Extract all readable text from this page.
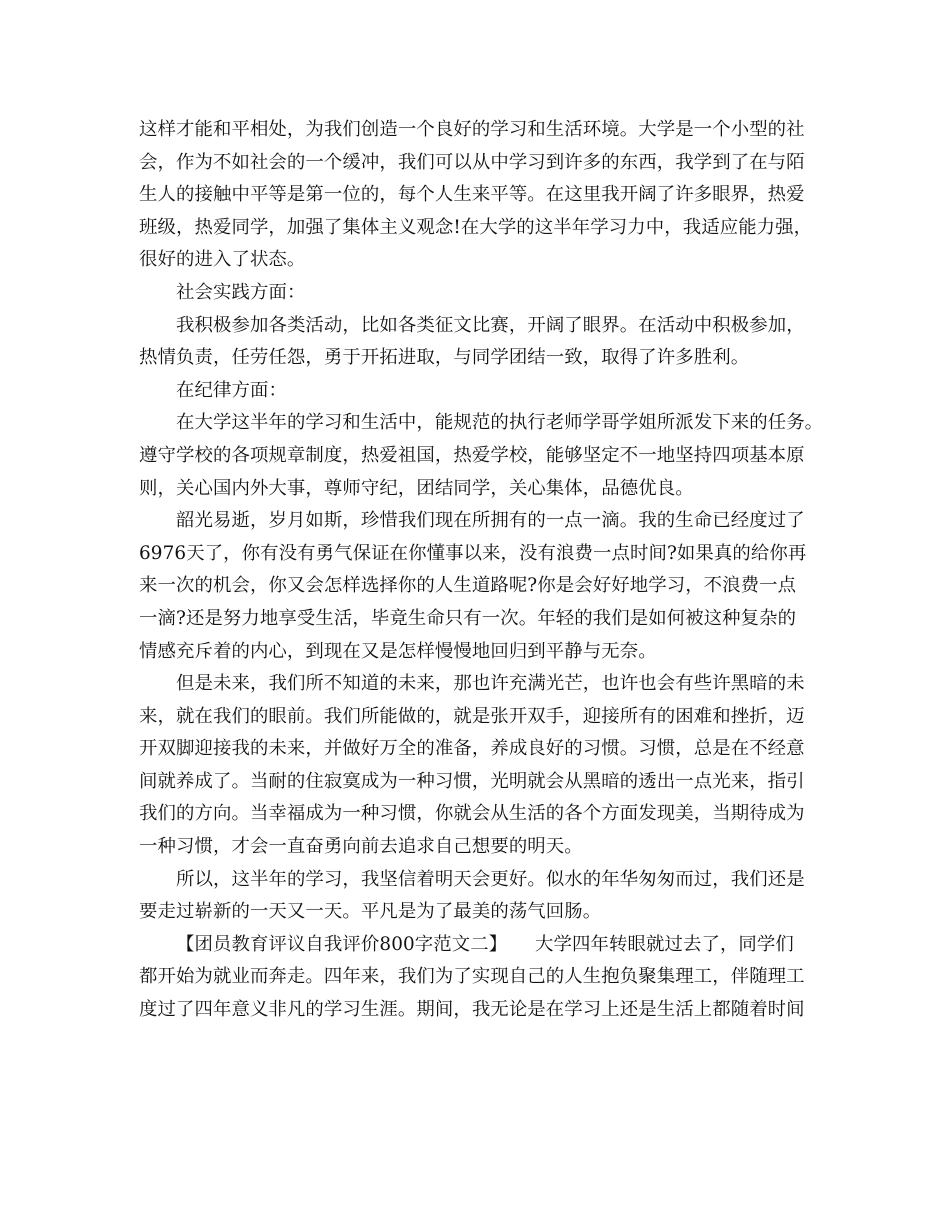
这样才能和平相处，为我们创造一个良好的学习和生活环境。大学是一个小型的社
会，作为不如社会的一个缓冲，我们可以从中学习到许多的东西，我学到了在与陌
生人的接触中平等是第一位的，每个人生来平等。在这里我开阔了许多眼界，热爱
班级，热爱同学，加强了集体主义观念!在大学的这半年学习力中，我适应能力强，
很好的进入了状态。
社会实践方面：
我积极参加各类活动，比如各类征文比赛，开阔了眼界。在活动中积极参加，
热情负责，任劳任怨，勇于开拓进取，与同学团结一致，取得了许多胜利。
在纪律方面：
在大学这半年的学习和生活中，能规范的执行老师学哥学姐所派发下来的任务。
遵守学校的各项规章制度，热爱祖国，热爱学校，能够坚定不一地坚持四项基本原
则，关心国内外大事，尊师守纪，团结同学，关心集体，品德优良。
韶光易逝，岁月如斯，珍惜我们现在所拥有的一点一滴。我的生命已经度过了
6976天了，你有没有勇气保证在你懂事以来，没有浪费一点时间?如果真的给你再
来一次的机会，你又会怎样选择你的人生道路呢?你是会好好地学习，不浪费一点
一滴?还是努力地享受生活，毕竟生命只有一次。年轻的我们是如何被这种复杂的
情感充斥着的内心，到现在又是怎样慢慢地回归到平静与无奈。
但是未来，我们所不知道的未来，那也许充满光芒，也许也会有些许黑暗的未
来，就在我们的眼前。我们所能做的，就是张开双手，迎接所有的困难和挫折，迈
开双脚迎接我的未来，并做好万全的准备，养成良好的习惯。习惯，总是在不经意
间就养成了。当耐的住寂寞成为一种习惯，光明就会从黑暗的透出一点光来，指引
我们的方向。当幸福成为一种习惯，你就会从生活的各个方面发现美，当期待成为
一种习惯，才会一直奋勇向前去追求自己想要的明天。
所以，这半年的学习，我坚信着明天会更好。似水的年华匆匆而过，我们还是
要走过崭新的一天又一天。平凡是为了最美的荡气回肠。
【团员教育评议自我评价800字范文二】　　大学四年转眼就过去了，同学们
都开始为就业而奔走。四年来，我们为了实现自己的人生抱负聚集理工，伴随理工
度过了四年意义非凡的学习生涯。期间，我无论是在学习上还是生活上都随着时间
